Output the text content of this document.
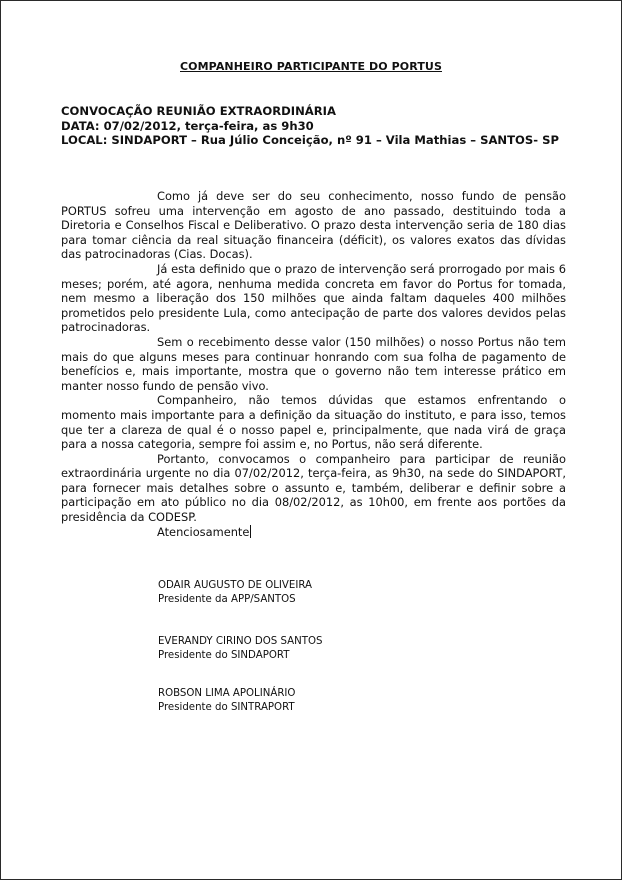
COMPANHEIRO PARTICIPANTE DO PORTUS
CONVOCAÇÃO REUNIÃO EXTRAORDINÁRIA
DATA: 07/02/2012, terça-feira, as 9h30
LOCAL: SINDAPORT – Rua Júlio Conceição, nº 91 – Vila Mathias – SANTOS- SP

Como já deve ser do seu conhecimento, nosso fundo de pensão PORTUS sofreu uma intervenção em agosto de ano passado, destituindo toda a Diretoria e Conselhos Fiscal e Deliberativo. O prazo desta intervenção seria de 180 dias para tomar ciência da real situação financeira (déficit), os valores exatos das dívidas das patrocinadoras (Cias. Docas).

Já esta definido que o prazo de intervenção será prorrogado por mais 6 meses; porém, até agora, nenhuma medida concreta em favor do Portus for tomada, nem mesmo a liberação dos 150 milhões que ainda faltam daqueles 400 milhões prometidos pelo presidente Lula, como antecipação de parte dos valores devidos pelas patrocinadoras.

Sem o recebimento desse valor (150 milhões) o nosso Portus não tem mais do que alguns meses para continuar honrando com sua folha de pagamento de benefícios e, mais importante, mostra que o governo não tem interesse prático em manter nosso fundo de pensão vivo.

Companheiro, não temos dúvidas que estamos enfrentando o momento mais importante para a definição da situação do instituto, e para isso, temos que ter a clareza de qual é o nosso papel e, principalmente, que nada virá de graça para a nossa categoria, sempre foi assim e, no Portus, não será diferente.

Portanto, convocamos o companheiro para participar de reunião extraordinária urgente no dia 07/02/2012, terça-feira, as 9h30, na sede do SINDAPORT, para fornecer mais detalhes sobre o assunto e, também, deliberar e definir sobre a participação em ato público no dia 08/02/2012, as 10h00, em frente aos portões da presidência da CODESP.

Atenciosamente

ODAIR AUGUSTO DE OLIVEIRA
Presidente da APP/SANTOS
EVERANDY CIRINO DOS SANTOS
Presidente do SINDAPORT
ROBSON LIMA APOLINÁRIO
Presidente do SINTRAPORT
